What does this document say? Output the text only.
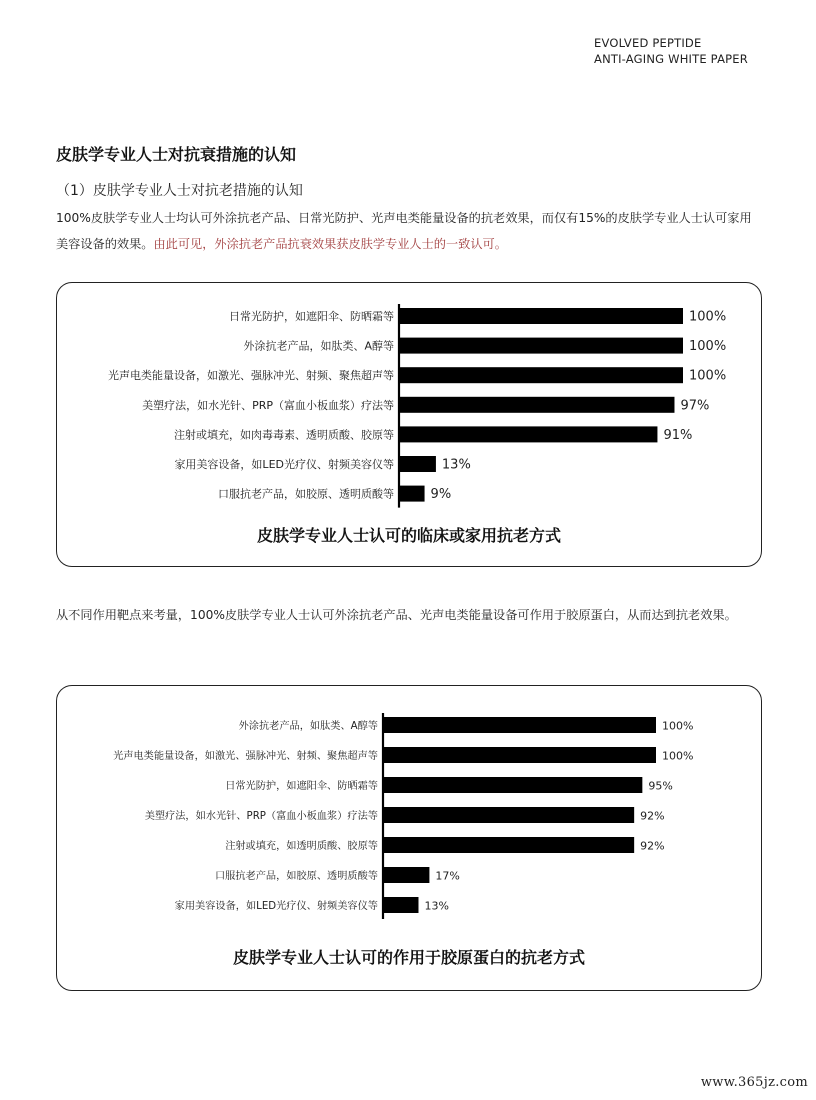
EVOLVED PEPTIDE
ANTI-AGING WHITE PAPER
皮肤学专业人士对抗衰措施的认知
（1）皮肤学专业人士对抗老措施的认知
100%皮肤学专业人士均认可外涂抗老产品、日常光防护、光声电类能量设备的抗老效果，而仅有15%的皮肤学专业人士认可家用美容设备的效果。由此可见，外涂抗老产品抗衰效果获皮肤学专业人士的一致认可。
日常光防护，如遮阳伞、防晒霜等	100%
外涂抗老产品，如肽类、A醇等	100%
光声电类能量设备，如激光、强脉冲光、射频、聚焦超声等	100%
美塑疗法，如水光针、PRP（富血小板血浆）疗法等	97%
注射或填充，如肉毒毒素、透明质酸、胶原等	91%
家用美容设备，如LED光疗仪、射频美容仪等	13%
口服抗老产品，如胶原、透明质酸等	9%
皮肤学专业人士认可的临床或家用抗老方式
从不同作用靶点来考量，100%皮肤学专业人士认可外涂抗老产品、光声电类能量设备可作用于胶原蛋白，从而达到抗老效果。
外涂抗老产品，如肽类、A醇等	100%
光声电类能量设备，如激光、强脉冲光、射频、聚焦超声等	100%
日常光防护，如遮阳伞、防晒霜等	95%
美塑疗法，如水光针、PRP（富血小板血浆）疗法等	92%
注射或填充，如透明质酸、胶原等	92%
口服抗老产品，如胶原、透明质酸等	17%
家用美容设备，如LED光疗仪、射频美容仪等	13%
皮肤学专业人士认可的作用于胶原蛋白的抗老方式
www.365jz.com
